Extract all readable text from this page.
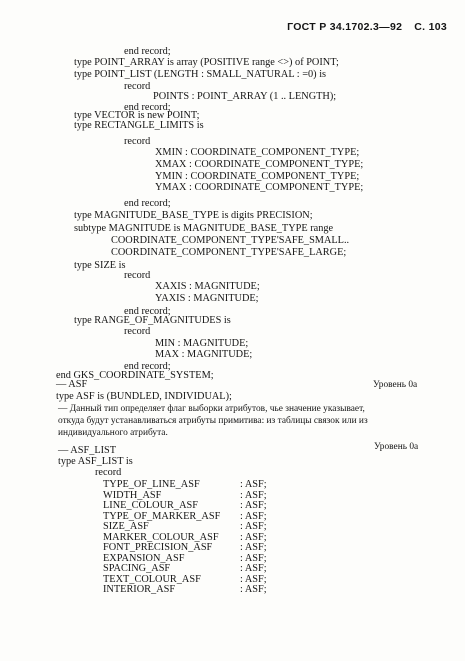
ГОСТ Р 34.1702.3—92 С. 103
end record;
type POINT_ARRAY is array (POSITIVE range <>) of POINT;
type POINT_LIST (LENGTH : SMALL_NATURAL : =0) is
record
POINTS : POINT_ARRAY (1 .. LENGTH);
end record;
type VECTOR is new POINT;
type RECTANGLE_LIMITS is
record
XMIN : COORDINATE_COMPONENT_TYPE;
XMAX : COORDINATE_COMPONENT_TYPE;
YMIN : COORDINATE_COMPONENT_TYPE;
YMAX : COORDINATE_COMPONENT_TYPE;
end record;
type MAGNITUDE_BASE_TYPE is digits PRECISION;
subtype MAGNITUDE is MAGNITUDE_BASE_TYPE range
COORDINATE_COMPONENT_TYPE'SAFE_SMALL..
COORDINATE_COMPONENT_TYPE'SAFE_LARGE;
type SIZE is
record
XAXIS : MAGNITUDE;
YAXIS : MAGNITUDE;
end record;
type RANGE_OF_MAGNITUDES is
record
MIN : MAGNITUDE;
MAX : MAGNITUDE;
end record;
end GKS_COORDINATE_SYSTEM;
— ASF	Уровень 0а
type ASF is (BUNDLED, INDIVIDUAL);
— Данный тип определяет флаг выборки атрибутов, чье значение указывает,
откуда будут устанавливаться атрибуты примитива: из таблицы связок или из
индивидуального атрибута.
— ASF_LIST	Уровень 0а
type ASF_LIST is
record
TYPE_OF_LINE_ASF	: ASF;
WIDTH_ASF	: ASF;
LINE_COLOUR_ASF	: ASF;
TYPE_OF_MARKER_ASF : ASF;
SIZE_ASF	: ASF;
MARKER_COLOUR_ASF : ASF;
FONT_PRECISION_ASF	: ASF;
EXPANSION_ASF	: ASF;
SPACING_ASF	: ASF;
TEXT_COLOUR_ASF	: ASF;
INTERIOR_ASF	: ASF;
